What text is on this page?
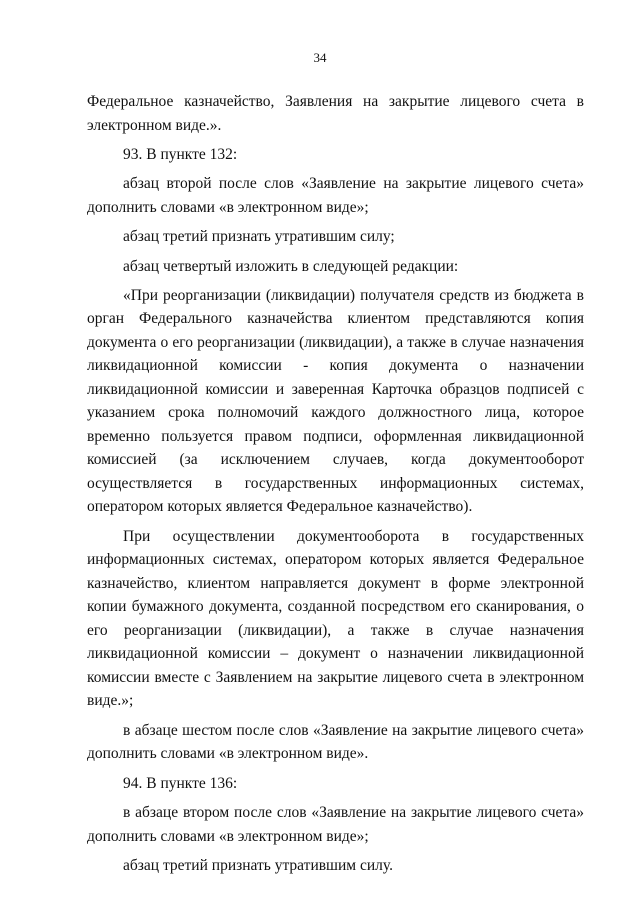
34

Федеральное казначейство, Заявления на закрытие лицевого счета в электронном виде.».

93. В пункте 132:

абзац второй после слов «Заявление на закрытие лицевого счета» дополнить словами «в электронном виде»;

абзац третий признать утратившим силу;

абзац четвертый изложить в следующей редакции:

«При реорганизации (ликвидации) получателя средств из бюджета в орган Федерального казначейства клиентом представляются копия документа о его реорганизации (ликвидации), а также в случае назначения ликвидационной комиссии - копия документа о назначении ликвидационной комиссии и заверенная Карточка образцов подписей с указанием срока полномочий каждого должностного лица, которое временно пользуется правом подписи, оформленная ликвидационной комиссией (за исключением случаев, когда документооборот осуществляется в государственных информационных системах, оператором которых является Федеральное казначейство).

При осуществлении документооборота в государственных информационных системах, оператором которых является Федеральное казначейство, клиентом направляется документ в форме электронной копии бумажного документа, созданной посредством его сканирования, о его реорганизации (ликвидации), а также в случае назначения ликвидационной комиссии – документ о назначении ликвидационной комиссии вместе с Заявлением на закрытие лицевого счета в электронном виде.»;

в абзаце шестом после слов «Заявление на закрытие лицевого счета» дополнить словами «в электронном виде».

94. В пункте 136:

в абзаце втором после слов «Заявление на закрытие лицевого счета» дополнить словами «в электронном виде»;

абзац третий признать утратившим силу.
